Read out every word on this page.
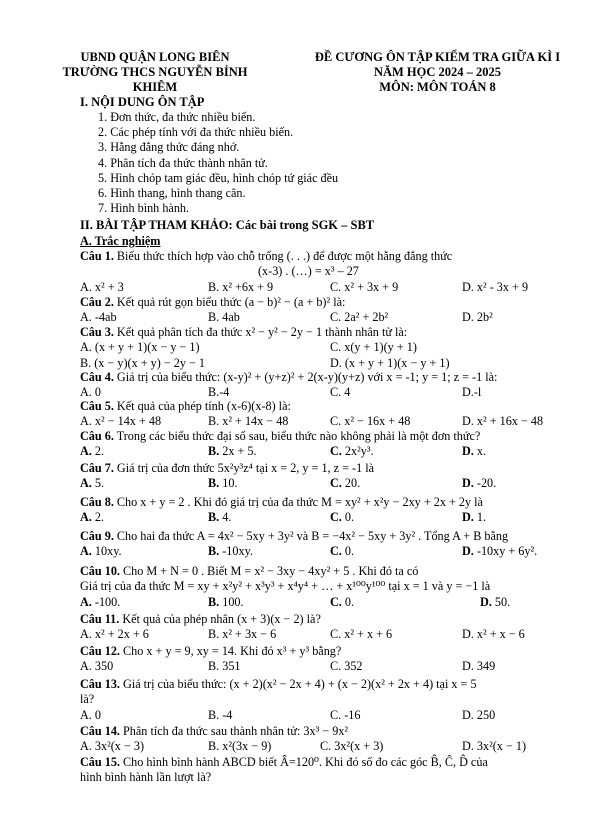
UBND QUẬN LONG BIÊN
TRƯỜNG THCS NGUYỄN BỈNH KHIÊM
ĐỀ CƯƠNG ÔN TẬP KIỂM TRA GIỮA KÌ I
NĂM HỌC 2024 – 2025
MÔN: MÔN TOÁN 8
I. NỘI DUNG ÔN TẬP
1. Đơn thức, đa thức nhiều biến.
2. Các phép tính với đa thức nhiều biến.
3. Hằng đẳng thức đáng nhớ.
4. Phân tích đa thức thành nhân tử.
5. Hình chóp tam giác đều, hình chóp tứ giác đều
6. Hình thang, hình thang cân.
7. Hình bình hành.
II. BÀI TẬP THAM KHẢO: Các bài trong SGK – SBT
A. Trắc nghiệm
Câu 1. Biểu thức thích hợp vào chỗ trống (. . .) để được một hằng đẳng thức
(x-3) . (…) = x³ – 27
A. x² + 3	B. x² +6x + 9	C. x² + 3x + 9	D. x² - 3x + 9
Câu 2. Kết quả rút gọn biểu thức (a − b)² − (a + b)² là:
A. -4ab	B. 4ab	C. 2a² + 2b²	D. 2b²
Câu 3. Kết quả phân tích đa thức x² − y² − 2y − 1 thành nhân tử là:
A. (x + y + 1)(x − y − 1)	C. x(y + 1)(y + 1)
B. (x − y)(x + y) − 2y − 1	D. (x + y + 1)(x − y + 1)
Câu 4. Giá trị của biểu thức: (x-y)² + (y+z)² + 2(x-y)(y+z) với x = -1; y = 1; z = -1 là:
A. 0	B.-4	C. 4	D.-l
Câu 5. Kết quả của phép tính (x-6)(x-8) là:
A. x² − 14x + 48	B. x² + 14x − 48	C. x² − 16x + 48	D. x² + 16x − 48
Câu 6. Trong các biểu thức đại số sau, biểu thức nào không phải là một đơn thức?
A. 2.	B. 2x + 5.	C. 2x²y³.	D. x.
Câu 7. Giá trị của đơn thức 5x²y³z⁴ tại x = 2, y = 1, z = -1 là
A. 5.	B. 10.	C. 20.	D. -20.
Câu 8. Cho x + y = 2 . Khi đó giá trị của đa thức M = xy² + x²y − 2xy + 2x + 2y là
A. 2.	B. 4.	C. 0.	D. 1.
Câu 9. Cho hai đa thức A = 4x² − 5xy + 3y² và B = −4x² − 5xy + 3y² . Tổng A + B bằng
A. 10xy.	B. -10xy.	C. 0.	D. -10xy + 6y².
Câu 10. Cho M + N = 0 . Biết M = x² − 3xy − 4xy² + 5 . Khi đó ta có
Giá trị của đa thức M = xy + x²y² + x³y³ + x⁴y⁴ + … + x¹⁰⁰y¹⁰⁰ tại x = 1 và y = −1 là
A. -100.	B. 100.	C. 0.	D. 50.
Câu 11. Kết quả của phép nhân (x + 3)(x − 2) là?
A. x² + 2x + 6	B. x² + 3x − 6	C. x² + x + 6	D. x² + x − 6
Câu 12. Cho x + y = 9, xy = 14. Khi đó x³ + y³ bằng?
A. 350	B. 351	C. 352	D. 349
Câu 13. Giá trị của biểu thức: (x + 2)(x² − 2x + 4) + (x − 2)(x² + 2x + 4) tại x = 5
là?
A. 0	B. -4	C. -16	D. 250
Câu 14. Phân tích đa thức sau thành nhân tử: 3x³ − 9x²
A. 3x²(x − 3)	B. x²(3x − 9)	C. 3x²(x + 3)	D. 3x²(x − 1)
Câu 15. Cho hình bình hành ABCD biết Â=120⁰. Khi đó số đo các góc B̂, Ĉ, D̂ của
hình bình hành lần lượt là?
